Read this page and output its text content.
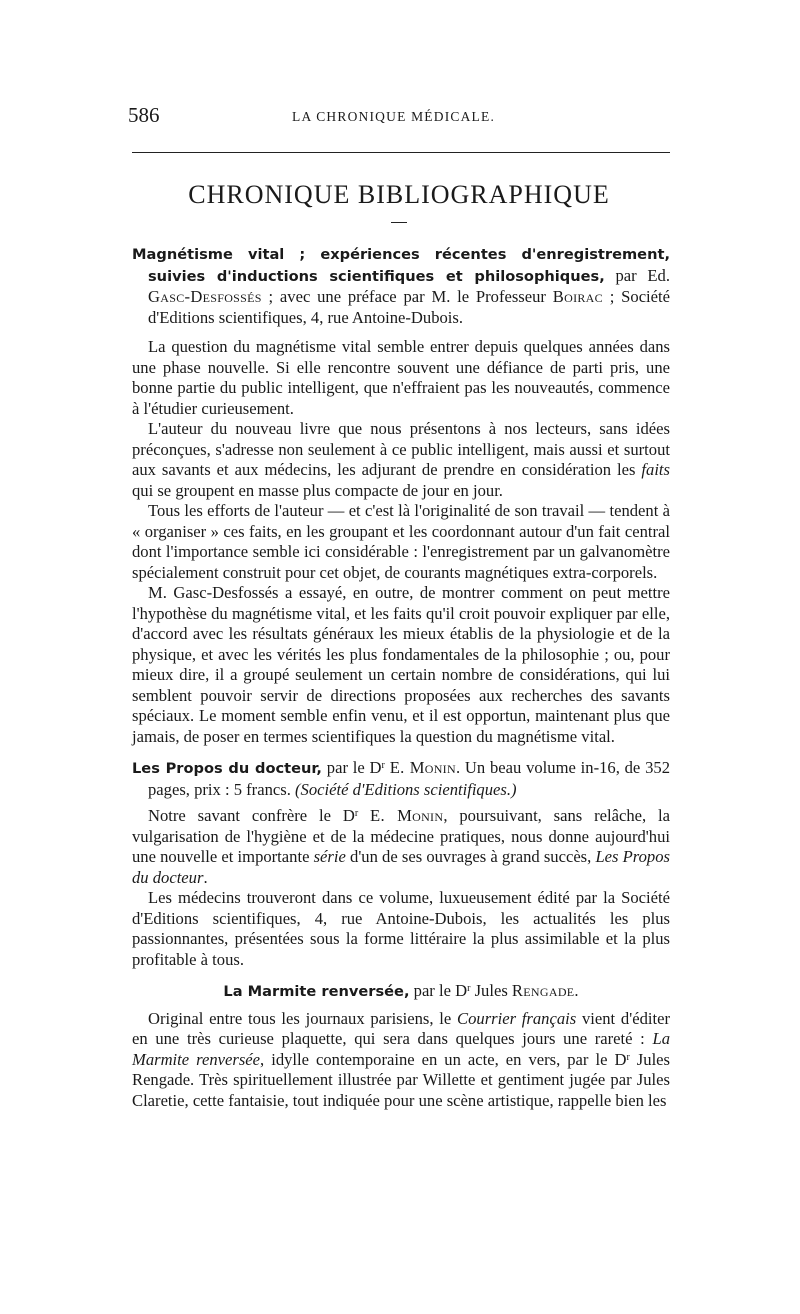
586	LA CHRONIQUE MÉDICALE.
CHRONIQUE BIBLIOGRAPHIQUE

Magnétisme vital ; expériences récentes d'enregistrement, suivies d'inductions scientifiques et philosophiques, par Ed. Gasc-Desfossés ; avec une préface par M. le Professeur Boirac ; Société d'Editions scientifiques, 4, rue Antoine-Dubois.

La question du magnétisme vital semble entrer depuis quelques années dans une phase nouvelle. Si elle rencontre souvent une défiance de parti pris, une bonne partie du public intelligent, que n'effraient pas les nouveautés, commence à l'étudier curieusement.

L'auteur du nouveau livre que nous présentons à nos lecteurs, sans idées préconçues, s'adresse non seulement à ce public intelligent, mais aussi et surtout aux savants et aux médecins, les adjurant de prendre en considération les faits qui se groupent en masse plus compacte de jour en jour.

Tous les efforts de l'auteur — et c'est là l'originalité de son travail — tendent à « organiser » ces faits, en les groupant et les coordonnant autour d'un fait central dont l'importance semble ici considérable : l'enregistrement par un galvanomètre spécialement construit pour cet objet, de courants magnétiques extra-corporels.

M. Gasc-Desfossés a essayé, en outre, de montrer comment on peut mettre l'hypothèse du magnétisme vital, et les faits qu'il croit pouvoir expliquer par elle, d'accord avec les résultats généraux les mieux établis de la physiologie et de la physique, et avec les vérités les plus fondamentales de la philosophie ; ou, pour mieux dire, il a groupé seulement un certain nombre de considérations, qui lui semblent pouvoir servir de directions proposées aux recherches des savants spéciaux. Le moment semble enfin venu, et il est opportun, maintenant plus que jamais, de poser en termes scientifiques la question du magnétisme vital.

Les Propos du docteur, par le $D^r$ E. Monin. Un beau volume in-16, de 352 pages, prix : 5 francs. (Société d'Editions scientifiques.)

Notre savant confrère le $D^r$ E. Monin, poursuivant, sans relâche, la vulgarisation de l'hygiène et de la médecine pratiques, nous donne aujourd'hui une nouvelle et importante série d'un de ses ouvrages à grand succès, Les Propos du docteur.

Les médecins trouveront dans ce volume, luxueusement édité par la Société d'Editions scientifiques, 4, rue Antoine-Dubois, les actualités les plus passionnantes, présentées sous la forme littéraire la plus assimilable et la plus profitable à tous.

La Marmite renversée, par le $D^r$ Jules Rengade.

Original entre tous les journaux parisiens, le Courrier français vient d'éditer en une très curieuse plaquette, qui sera dans quelques jours une rareté : La Marmite renversée, idylle contemporaine en un acte, en vers, par le $D^r$ Jules Rengade. Très spirituellement illustrée par Willette et gentiment jugée par Jules Claretie, cette fantaisie, tout indiquée pour une scène artistique, rappelle bien les
